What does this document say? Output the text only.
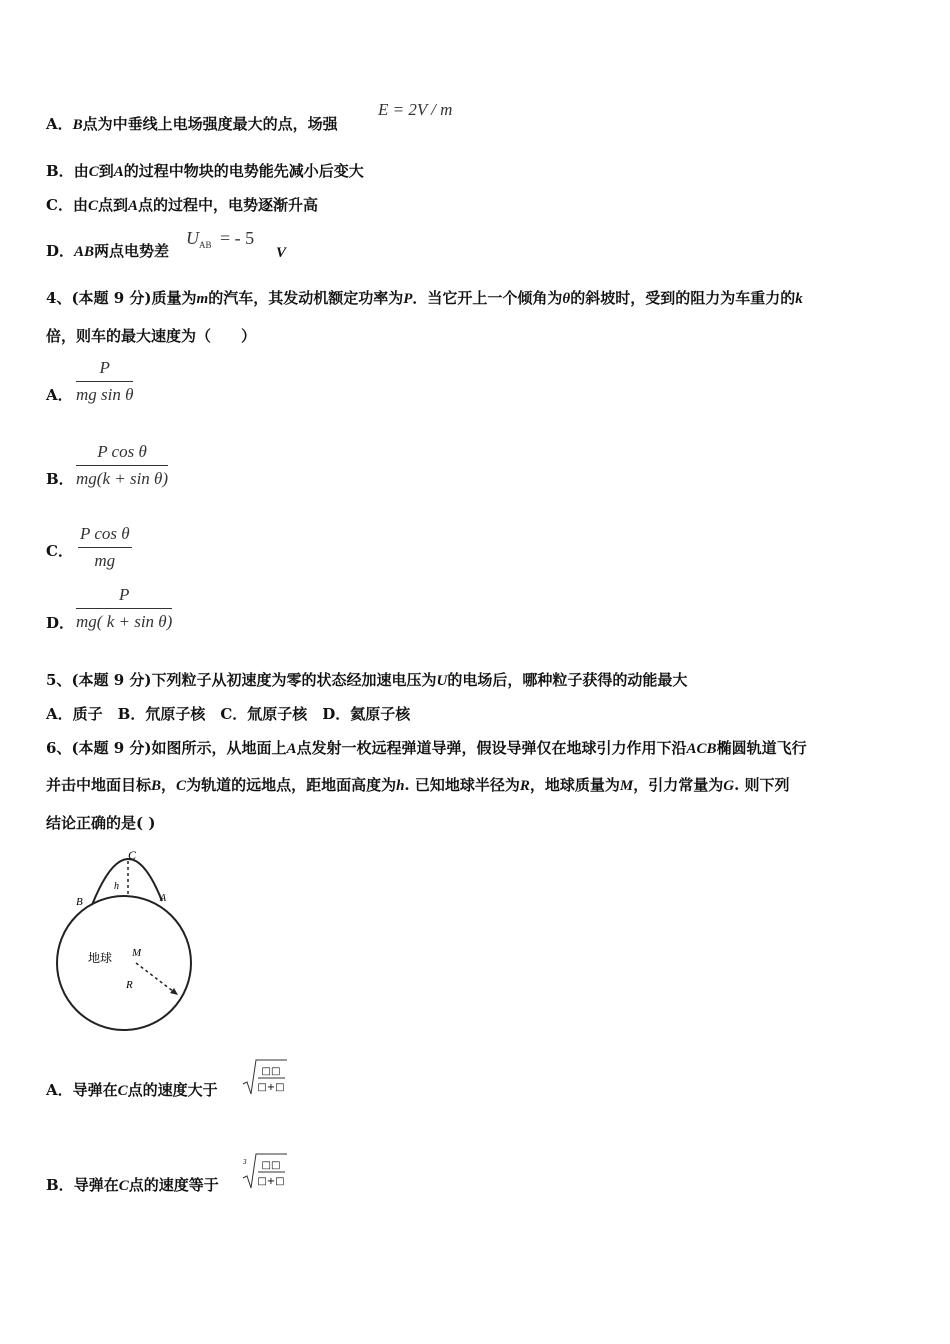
A．B点为中垂线上电场强度最大的点，场强
E = 2V / m
B．由C到A的过程中物块的电势能先减小后变大
C．由C点到A点的过程中，电势逐渐升高
D．AB两点电势差
$U_{AB}$ = - 5
V
4、(本题 9 分)质量为m的汽车，其发动机额定功率为P．当它开上一个倾角为θ的斜坡时，受到的阻力为车重力的k
倍，则车的最大速度为（　　）
A． $\frac{P}{\text{mg sin θ}}$
B． $\frac{\text{P cos θ}}{\text{mg(k + sin θ)}}$
C． $\frac{\text{P cos θ}}{mg}$
D． $\frac{P}{\text{mg( k + sin θ)}}$
5、(本题 9 分)下列粒子从初速度为零的状态经加速电压为U的电场后，哪种粒子获得的动能最大
A．质子　B．氘原子核　C．氚原子核　D．氦原子核
6、(本题 9 分)如图所示，从地面上A点发射一枚远程弹道导弹，假设导弹仅在地球引力作用下沿ACB椭圆轨道飞行
并击中地面目标B，C为轨道的远地点，距地面高度为h. 已知地球半径为R，地球质量为M，引力常量为G. 则下列
结论正确的是( )
C
h
B	A
地球 M
R
A．导弹在C点的速度大于
□□
□+□
B．导弹在C点的速度等于
3 □□
□+□
